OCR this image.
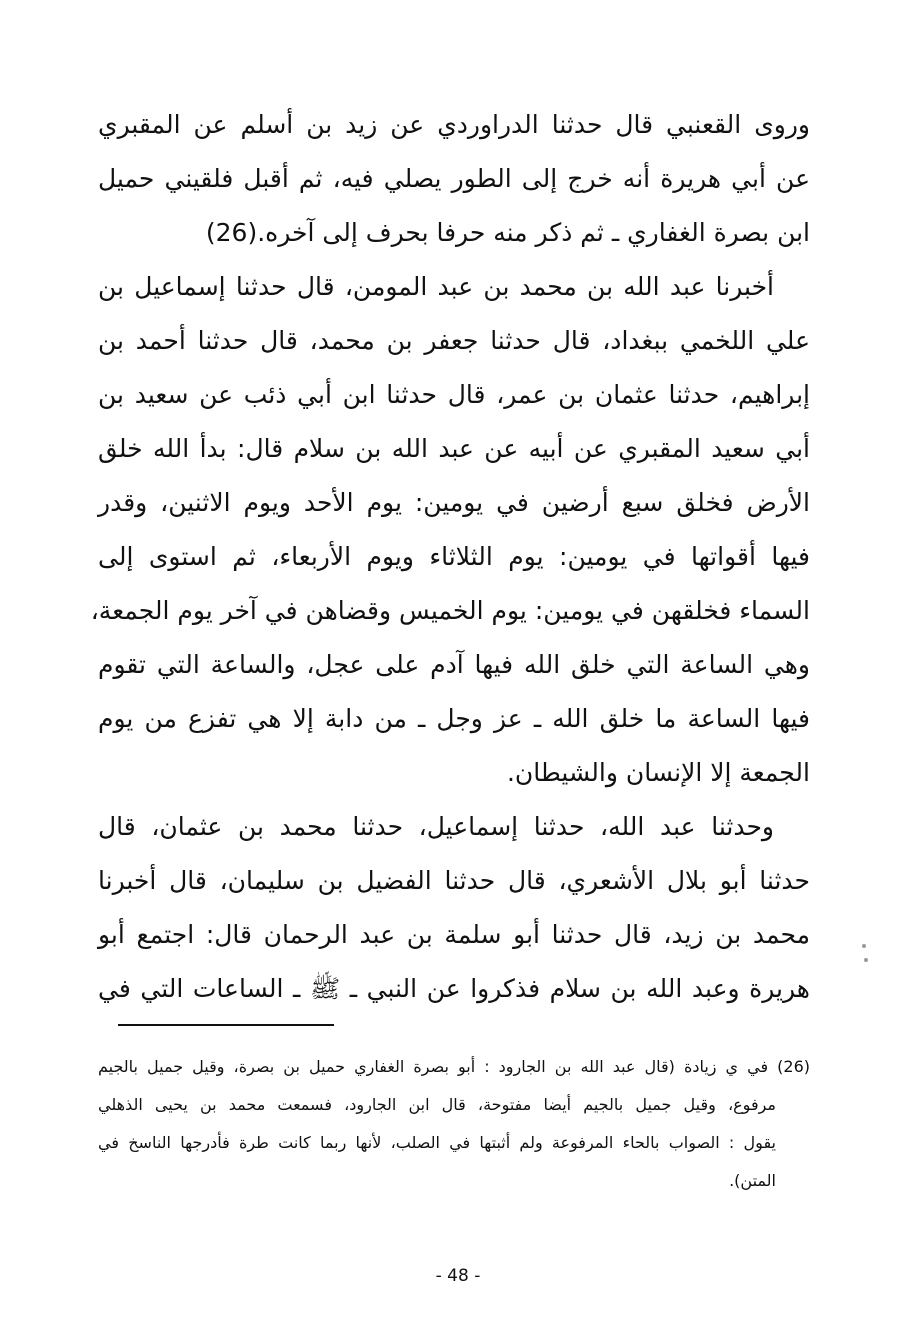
وروى القعنبي قال حدثنا الدراوردي عن زيد بن أسلم عن المقبري
عن أبي هريرة أنه خرج إلى الطور يصلي فيه، ثم أقبل فلقيني حميل
ابن بصرة الغفاري ـ ثم ذكر منه حرفا بحرف إلى آخره.(26)
أخبرنا عبد الله بن محمد بن عبد المومن، قال حدثنا إسماعيل بن
علي اللخمي ببغداد، قال حدثنا جعفر بن محمد، قال حدثنا أحمد بن
إبراهيم، حدثنا عثمان بن عمر، قال حدثنا ابن أبي ذئب عن سعيد بن
أبي سعيد المقبري عن أبيه عن عبد الله بن سلام قال: بدأ الله خلق
الأرض فخلق سبع أرضين في يومين: يوم الأحد ويوم الاثنين، وقدر
فيها أقواتها في يومين: يوم الثلاثاء ويوم الأربعاء، ثم استوى إلى
السماء فخلقهن في يومين: يوم الخميس وقضاهن في آخر يوم الجمعة،
وهي الساعة التي خلق الله فيها آدم على عجل، والساعة التي تقوم
فيها الساعة ما خلق الله ـ عز وجل ـ من دابة إلا هي تفزع من يوم
الجمعة إلا الإنسان والشيطان.
وحدثنا عبد الله، حدثنا إسماعيل، حدثنا محمد بن عثمان، قال
حدثنا أبو بلال الأشعري، قال حدثنا الفضيل بن سليمان، قال أخبرنا
محمد بن زيد، قال حدثنا أبو سلمة بن عبد الرحمان قال: اجتمع أبو
هريرة وعبد الله بن سلام فذكروا عن النبي ـ ﷺ ـ الساعات التي في
(26) في ي زيادة (قال عبد الله بن الجارود : أبو بصرة الغفاري حميل بن بصرة، وقيل جميل بالجيم
مرفوع، وقيل جميل بالجيم أيضا مفتوحة، قال ابن الجارود، فسمعت محمد بن يحيى الذهلي
يقول : الصواب بالحاء المرفوعة ولم أثبتها في الصلب، لأنها ربما كانت طرة فأدرجها الناسخ في
المتن).
- 48 -
